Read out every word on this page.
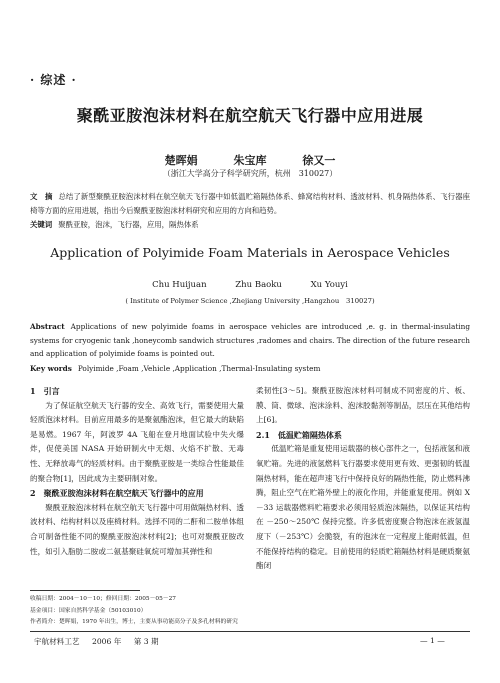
· 综述 ·
聚酰亚胺泡沫材料在航空航天飞行器中应用进展
楚晖娟	朱宝库	徐又一
（浙江大学高分子科学研究所，杭州　310027）
文　摘 总结了新型聚酰亚胺泡沫材料在航空航天飞行器中如低温贮箱隔热体系、蜂窝结构材料、透波材料、机身隔热体系、飞行器座椅等方面的应用进展，指出今后聚酰亚胺泡沫材料研究和应用的方向和趋势。
关键词 聚酰亚胺，泡沫，飞行器，应用，隔热体系
Application of Polyimide Foam Materials in Aerospace Vehicles
Chu Huijuan	Zhu Baoku	Xu Youyi
( Institute of Polymer Science ,Zhejiang University ,Hangzhou　310027)
Abstract Applications of new polyimide foams in aerospace vehicles are introduced ,e. g. in thermal-insulating systems for cryogenic tank ,honeycomb sandwich structures ,radomes and chairs. The direction of the future research and application of polyimide foams is pointed out.
Key words Polyimide ,Foam ,Vehicle ,Application ,Thermal-Insulating system
1　引言

为了保证航空航天飞行器的安全、高效飞行，需要使用大量轻质泡沫材料。目前应用最多的是聚氨酯泡沫，但它最大的缺陷是易燃。1967 年，阿波罗 4A 飞船在登月地面试验中失火爆炸，促使美国 NASA 开始研制火中无烟、火焰不扩散、无毒性、无释放毒气的轻质材料。由于聚酰亚胺是一类综合性能最佳的聚合物[1]，因此成为主要研制对象。

2　聚酰亚胺泡沫材料在航空航天飞行器中的应用

聚酰亚胺泡沫材料在航空航天飞行器中可用做隔热材料、透波材料、结构材料以及座椅材料。选择不同的二酐和二胺单体组合可制备性能不同的聚酰亚胺泡沫材料[2]；也可对聚酰亚胺改性，如引入脂肪二胺或二氨基聚硅氧烷可增加其弹性和

柔韧性[3～5]。聚酰亚胺泡沫材料可制成不同密度的片、板、膜、筒、微球、泡沫涂料、泡沫胶黏剂等制品，层压在其他结构上[6]。

2.1　低温贮箱隔热体系

低温贮箱是重复使用运载器的核心部件之一，包括液氢和液氧贮箱。先进的液氢燃料飞行器要求使用更有效、更强韧的低温隔热材料，能在超声速飞行中保持良好的隔热性能，防止燃料沸腾，阻止空气在贮箱外壁上的液化作用，并能重复使用。例如 X－33 运载器燃料贮箱要求必须用轻质泡沫隔热，以保证其结构在 －250～250℃ 保持完整。许多低密度聚合物泡沫在液氢温度下（－253℃）会脆裂，有的泡沫在一定程度上能耐低温，但不能保持结构的稳定。目前使用的轻质贮箱隔热材料是硬质聚氨酯闭

收稿日期：2004－10－10；修回日期：2005－05－27
基金项目：国家自然科学基金（50103010）
作者简介：楚晖娟，1970 年出生，博士，主要从事功能高分子及多孔材料的研究
宇航材料工艺 2006 年 第 3 期	— 1 —
